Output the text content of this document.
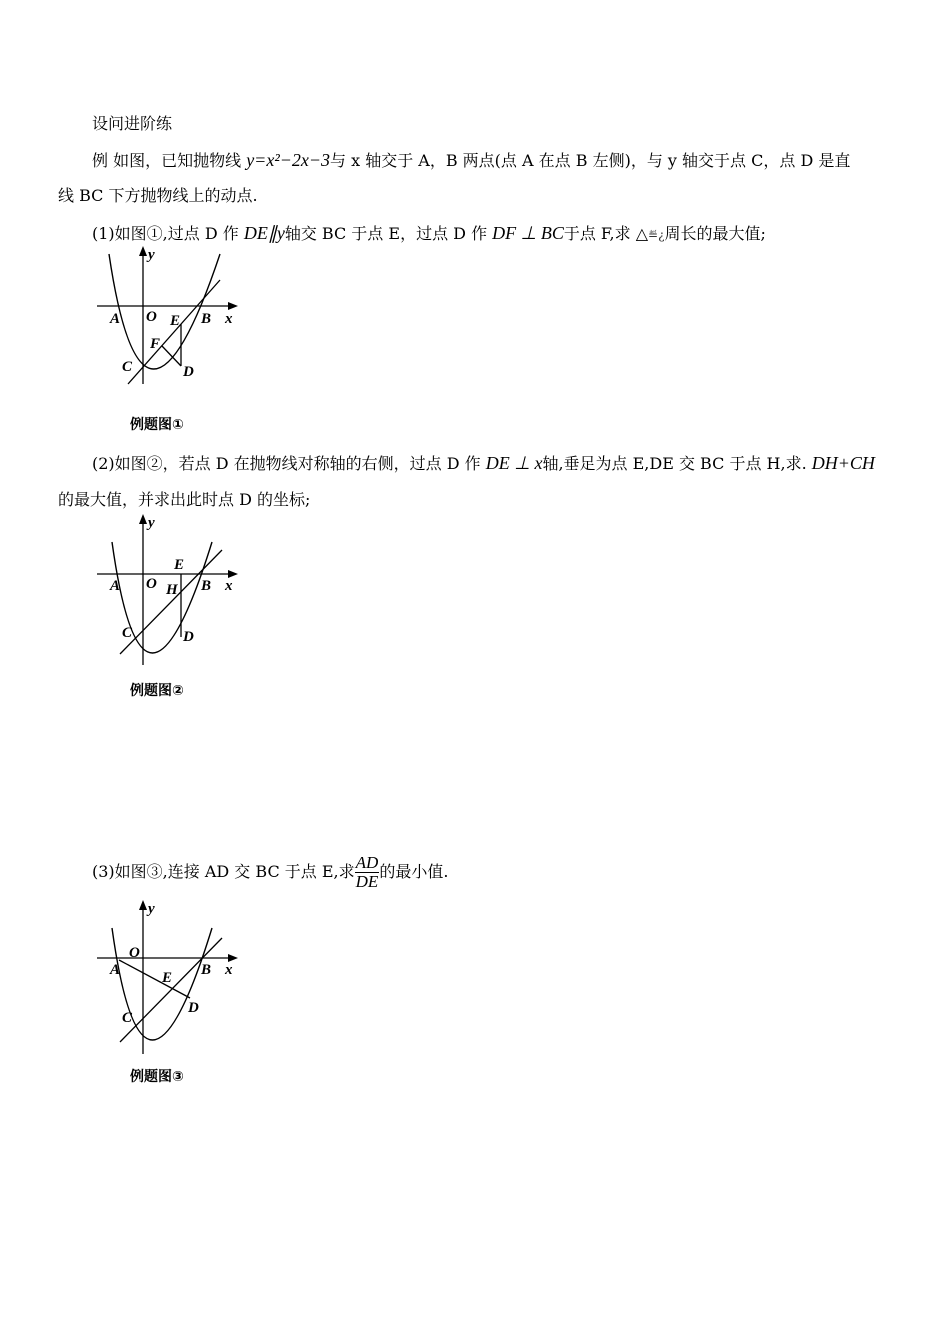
设问进阶练
例 如图，已知抛物线 y=x²−2x−3与 x 轴交于 A，B 两点(点 A 在点 B 左侧)，与 y 轴交于点 C，点 D 是直
线 BC 下方抛物线上的动点.
(1)如图①,过点 D 作 DE∥y轴交 BC 于点 E，过点 D 作 DF ⊥ BC于点 F,求 △≝¿周长的最大值;
A O E B x
y
F
C	D
例题图①
(2)如图②，若点 D 在抛物线对称轴的右侧，过点 D 作 DE ⊥ x轴,垂足为点 E,DE 交 BC 于点 H,求. DH+CH
的最大值，并求出此时点 D 的坐标;
A O
E
H B x
y
C	D
例题图②
(3)如图③,连接 AD 交 BC 于点 E,求 $\frac{AD}{DE}$ 的最小值.
O
A	E B x
y
D
C
例题图③
